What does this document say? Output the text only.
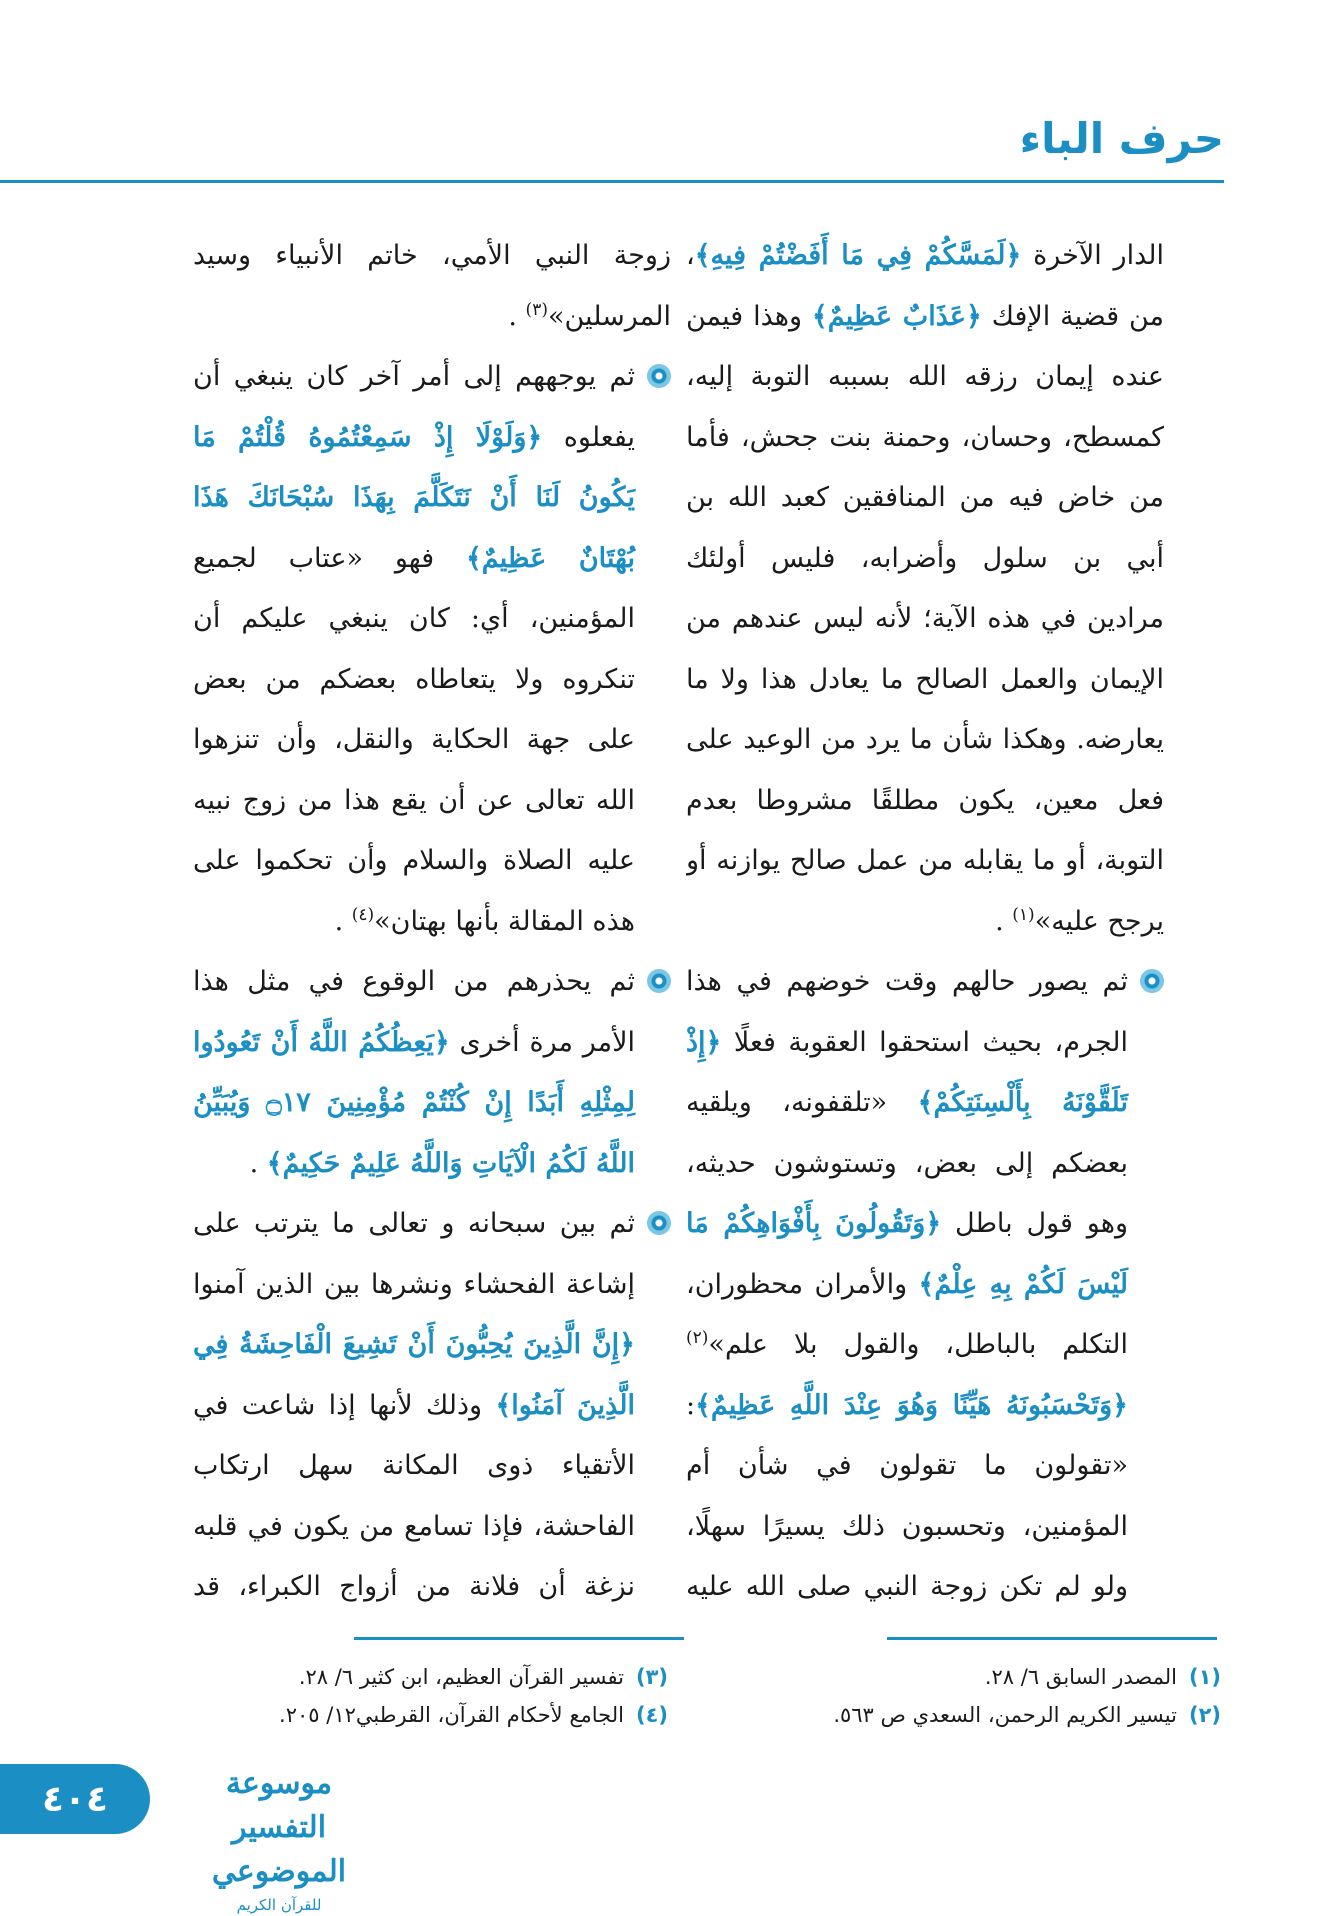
حرف الباء

الدار الآخرة ﴿لَمَسَّكُمْ فِي مَا أَفَضْتُمْ فِيهِ﴾، من قضية الإفك ﴿عَذَابٌ عَظِيمٌ﴾ وهذا فيمن عنده إيمان رزقه الله بسببه التوبة إليه، كمسطح، وحسان، وحمنة بنت جحش، فأما من خاض فيه من المنافقين كعبد الله بن أبي بن سلول وأضرابه، فليس أولئك مرادين في هذه الآية؛ لأنه ليس عندهم من الإيمان والعمل الصالح ما يعادل هذا ولا ما يعارضه. وهكذا شأن ما يرد من الوعيد على فعل معين، يكون مطلقًا مشروطا بعدم التوبة، أو ما يقابله من عمل صالح يوازنه أو يرجح عليه»$^{(١)}$ .

ثم يصور حالهم وقت خوضهم في هذا الجرم، بحيث استحقوا العقوبة فعلًا ﴿إِذْ تَلَقَّوْنَهُ بِأَلْسِنَتِكُمْ﴾ «تلقفونه، ويلقيه بعضكم إلى بعض، وتستوشون حديثه، وهو قول باطل ﴿وَتَقُولُونَ بِأَفْوَاهِكُمْ مَا لَيْسَ لَكُمْ بِهِ عِلْمٌ﴾ والأمران محظوران، التكلم بالباطل، والقول بلا علم»$^{(٢)}$ ﴿وَتَحْسَبُونَهُ هَيِّنًا وَهُوَ عِنْدَ اللَّهِ عَظِيمٌ﴾: «تقولون ما تقولون في شأن أم المؤمنين، وتحسبون ذلك يسيرًا سهلًا، ولو لم تكن زوجة النبي صلى الله عليه

زوجة النبي الأمي، خاتم الأنبياء وسيد المرسلين»$^{(٣)}$ .

ثم يوجههم إلى أمر آخر كان ينبغي أن يفعلوه ﴿وَلَوْلَا إِذْ سَمِعْتُمُوهُ قُلْتُمْ مَا يَكُونُ لَنَا أَنْ نَتَكَلَّمَ بِهَذَا سُبْحَانَكَ هَذَا بُهْتَانٌ عَظِيمٌ﴾ فهو «عتاب لجميع المؤمنين، أي: كان ينبغي عليكم أن تنكروه ولا يتعاطاه بعضكم من بعض على جهة الحكاية والنقل، وأن تنزهوا الله تعالى عن أن يقع هذا من زوج نبيه عليه الصلاة والسلام وأن تحكموا على هذه المقالة بأنها بهتان»$^{(٤)}$ .

ثم يحذرهم من الوقوع في مثل هذا الأمر مرة أخرى ﴿يَعِظُكُمُ اللَّهُ أَنْ تَعُودُوا لِمِثْلِهِ أَبَدًا إِنْ كُنْتُمْ مُؤْمِنِينَ ۝١٧ وَيُبَيِّنُ اللَّهُ لَكُمُ الْآيَاتِ وَاللَّهُ عَلِيمٌ حَكِيمٌ﴾ .

ثم بين سبحانه و تعالى ما يترتب على إشاعة الفحشاء ونشرها بين الذين آمنوا ﴿إِنَّ الَّذِينَ يُحِبُّونَ أَنْ تَشِيعَ الْفَاحِشَةُ فِي الَّذِينَ آمَنُوا﴾ وذلك لأنها إذا شاعت في الأتقياء ذوى المكانة سهل ارتكاب الفاحشة، فإذا تسامع من يكون في قلبه نزغة أن فلانة من أزواج الكبراء، قد

(١)المصدر السابق ٦/ ٢٨.
(٢)تيسير الكريم الرحمن، السعدي ص ٥٦٣.
(٣)تفسير القرآن العظيم، ابن كثير ٦/ ٢٨.
(٤)الجامع لأحكام القرآن، القرطبي١٢/ ٢٠٥.
٤٠٤	موسوعة التفسير الموضوعي
للقرآن الكريم
